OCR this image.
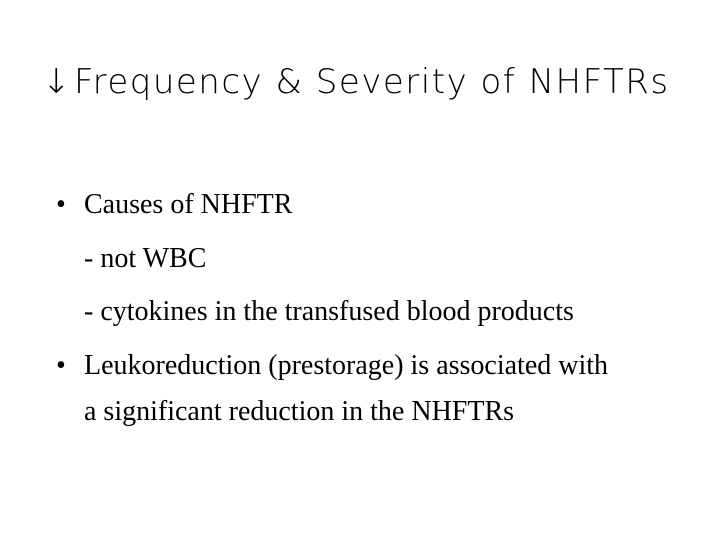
↓Frequency & Severity of NHFTRs
• Causes of NHFTR
- not WBC
- cytokines in the transfused blood products
• Leukoreduction (prestorage) is associated with
a significant reduction in the NHFTRs
